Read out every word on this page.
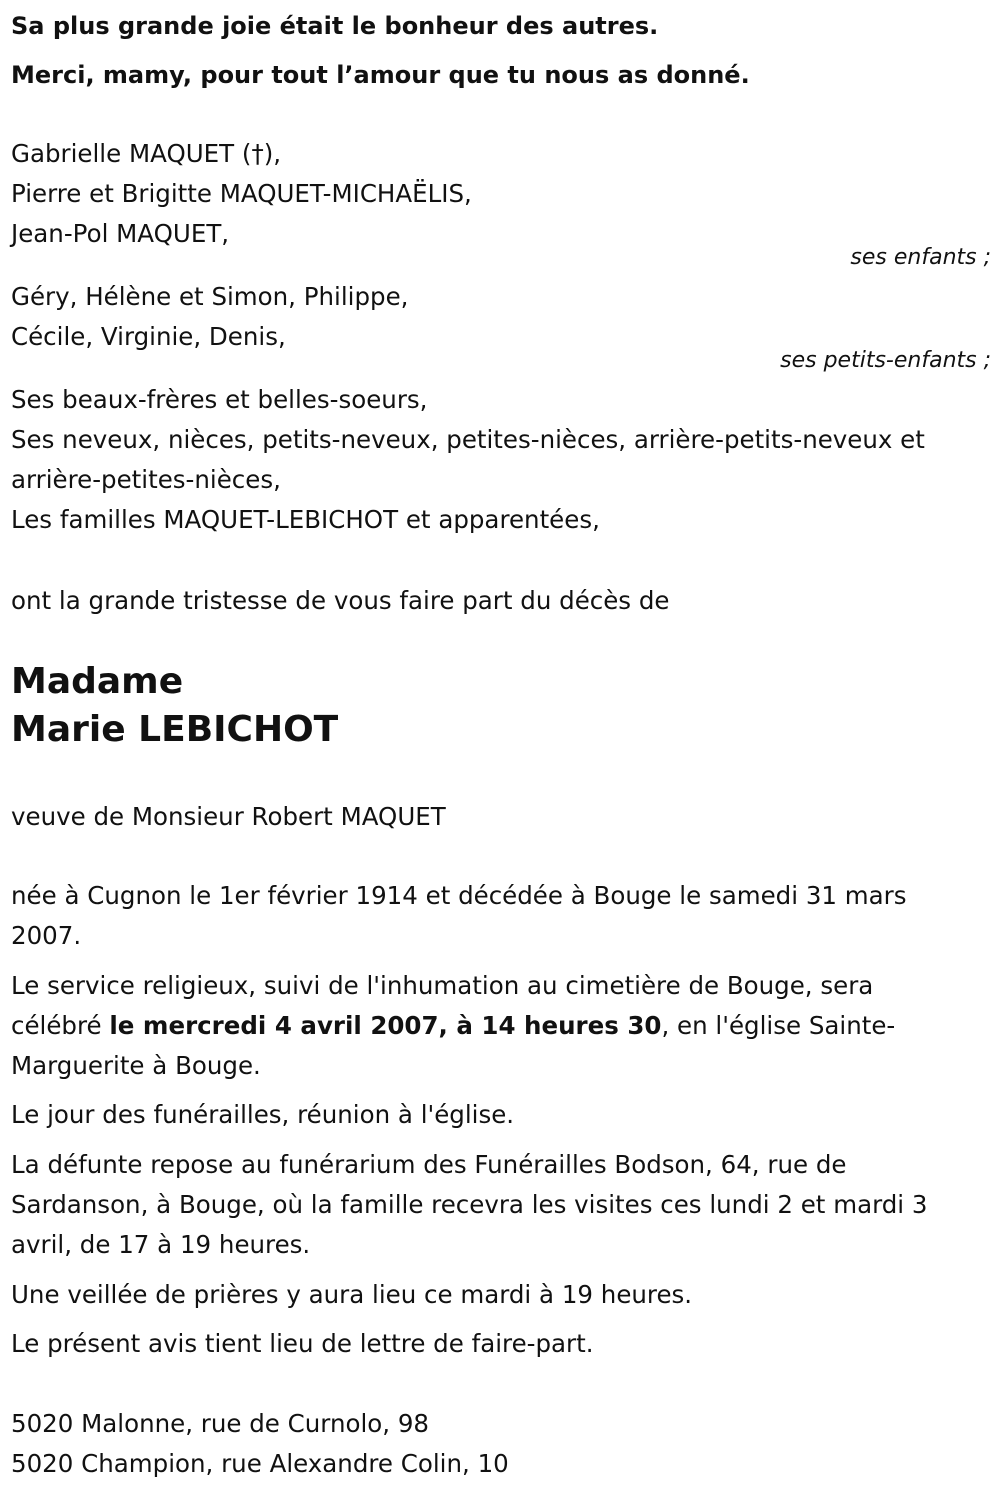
Sa plus grande joie était le bonheur des autres.
Merci, mamy, pour tout l’amour que tu nous as donné.
Gabrielle MAQUET (†),
Pierre et Brigitte MAQUET-MICHAËLIS,
Jean-Pol MAQUET,
ses enfants ;
Géry, Hélène et Simon, Philippe,
Cécile, Virginie, Denis,
ses petits-enfants ;
Ses beaux-frères et belles-soeurs,
Ses neveux, nièces, petits-neveux, petites-nièces, arrière-petits-neveux et
arrière-petites-nièces,
Les familles MAQUET-LEBICHOT et apparentées,
ont la grande tristesse de vous faire part du décès de
Madame
Marie LEBICHOT
veuve de Monsieur Robert MAQUET
née à Cugnon le 1er février 1914 et décédée à Bouge le samedi 31 mars
2007.
Le service religieux, suivi de l'inhumation au cimetière de Bouge, sera
célébré le mercredi 4 avril 2007, à 14 heures 30, en l'église Sainte-
Marguerite à Bouge.
Le jour des funérailles, réunion à l'église.
La défunte repose au funérarium des Funérailles Bodson, 64, rue de
Sardanson, à Bouge, où la famille recevra les visites ces lundi 2 et mardi 3
avril, de 17 à 19 heures.
Une veillée de prières y aura lieu ce mardi à 19 heures.
Le présent avis tient lieu de lettre de faire-part.
5020 Malonne, rue de Curnolo, 98
5020 Champion, rue Alexandre Colin, 10
